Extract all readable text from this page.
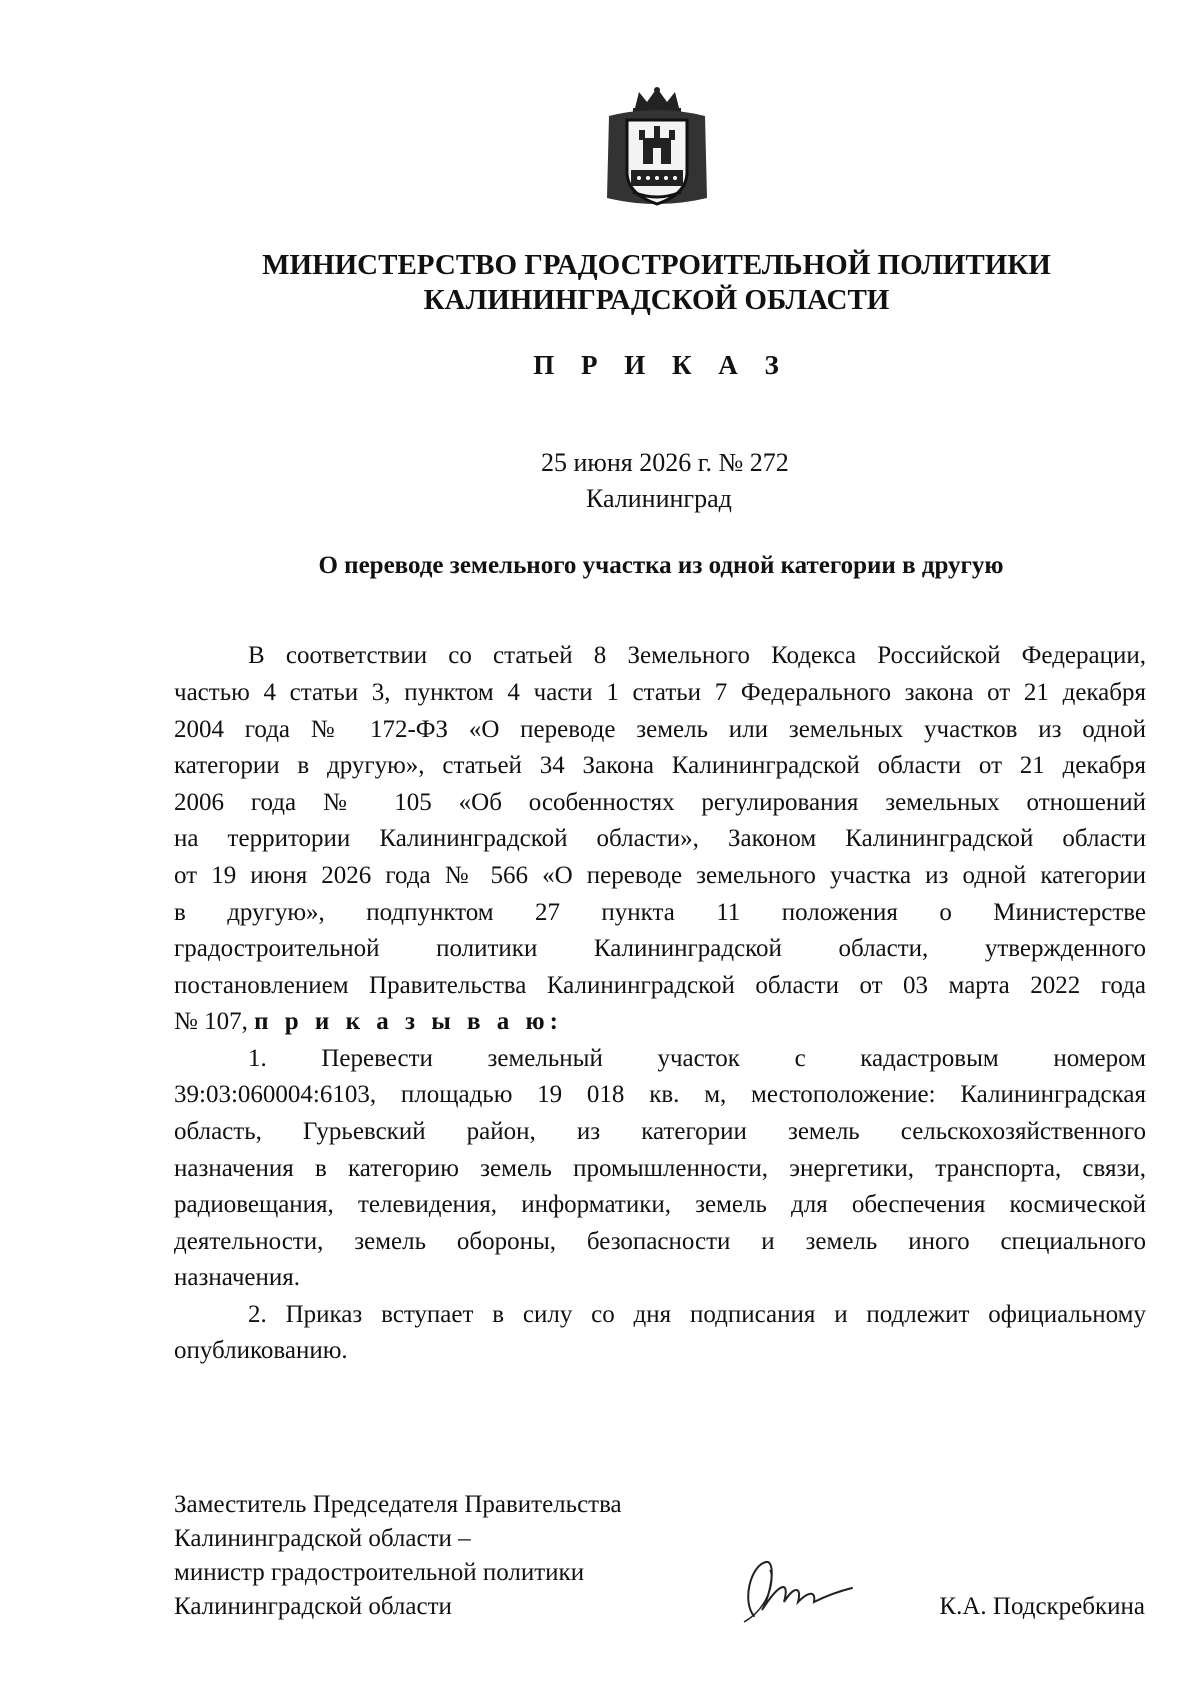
МИНИСТЕРСТВО ГРАДОСТРОИТЕЛЬНОЙ ПОЛИТИКИ
КАЛИНИНГРАДСКОЙ ОБЛАСТИ
П Р И К А З
25 июня 2026 г. № 272
Калининград
О переводе земельного участка из одной категории в другую
В соответствии со статьей 8 Земельного Кодекса Российской Федерации,
частью 4 статьи 3, пунктом 4 части 1 статьи 7 Федерального закона от 21 декабря
2004 года № 172-ФЗ «О переводе земель или земельных участков из одной
категории в другую», статьей 34 Закона Калининградской области от 21 декабря
2006 года № 105 «Об особенностях регулирования земельных отношений
на территории Калининградской области», Законом Калининградской области
от 19 июня 2026 года № 566 «О переводе земельного участка из одной категории
в другую», подпунктом 27 пункта 11 положения о Министерстве
градостроительной политики Калининградской области, утвержденного
постановлением Правительства Калининградской области от 03 марта 2022 года
№ 107, п р и к а з ы в а ю:
1. Перевести земельный участок с кадастровым номером
39:03:060004:6103, площадью 19 018 кв. м, местоположение: Калининградская
область, Гурьевский район, из категории земель сельскохозяйственного
назначения в категорию земель промышленности, энергетики, транспорта, связи,
радиовещания, телевидения, информатики, земель для обеспечения космической
деятельности, земель обороны, безопасности и земель иного специального
назначения.
2. Приказ вступает в силу со дня подписания и подлежит официальному
опубликованию.
Заместитель Председателя Правительства
Калининградской области –
министр градостроительной политики
Калининградской области	К.А. Подскребкина
